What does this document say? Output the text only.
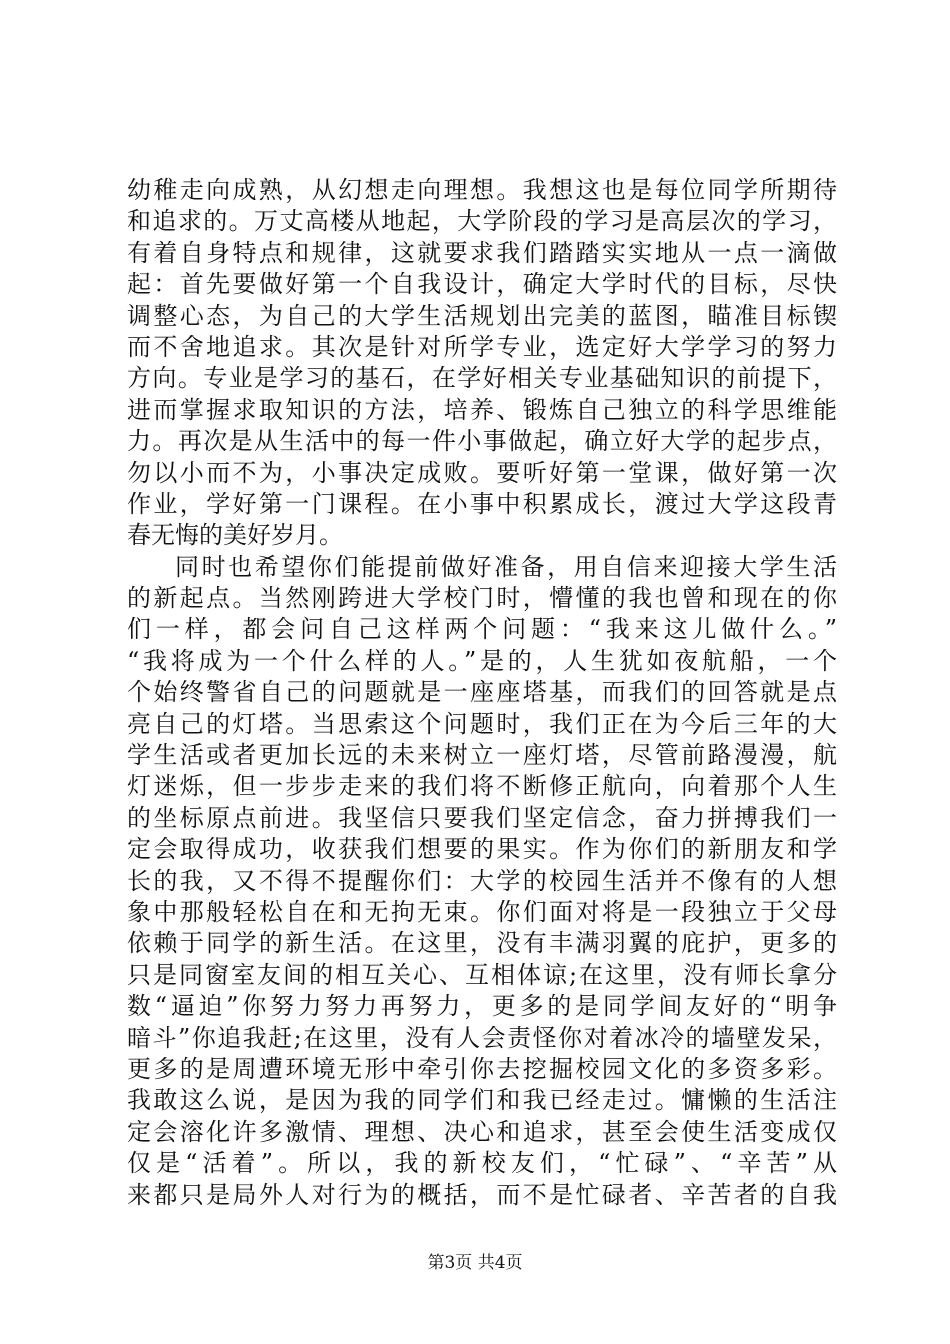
幼稚走向成熟，从幻想走向理想。我想这也是每位同学所期待
和追求的。万丈高楼从地起，大学阶段的学习是高层次的学习，
有着自身特点和规律，这就要求我们踏踏实实地从一点一滴做
起：首先要做好第一个自我设计，确定大学时代的目标，尽快
调整心态，为自己的大学生活规划出完美的蓝图，瞄准目标锲
而不舍地追求。其次是针对所学专业，选定好大学学习的努力
方向。专业是学习的基石，在学好相关专业基础知识的前提下，
进而掌握求取知识的方法，培养、锻炼自己独立的科学思维能
力。再次是从生活中的每一件小事做起，确立好大学的起步点，
勿以小而不为，小事决定成败。要听好第一堂课，做好第一次
作业，学好第一门课程。在小事中积累成长，渡过大学这段青
春无悔的美好岁月。
同时也希望你们能提前做好准备，用自信来迎接大学生活
的新起点。当然刚跨进大学校门时，懵懂的我也曾和现在的你
们一样，都会问自己这样两个问题：“我来这儿做什么。”
“我将成为一个什么样的人。”是的，人生犹如夜航船，一个
个始终警省自己的问题就是一座座塔基，而我们的回答就是点
亮自己的灯塔。当思索这个问题时，我们正在为今后三年的大
学生活或者更加长远的未来树立一座灯塔，尽管前路漫漫，航
灯迷烁，但一步步走来的我们将不断修正航向，向着那个人生
的坐标原点前进。我坚信只要我们坚定信念，奋力拼搏我们一
定会取得成功，收获我们想要的果实。作为你们的新朋友和学
长的我，又不得不提醒你们：大学的校园生活并不像有的人想
象中那般轻松自在和无拘无束。你们面对将是一段独立于父母
依赖于同学的新生活。在这里，没有丰满羽翼的庇护，更多的
只是同窗室友间的相互关心、互相体谅;在这里，没有师长拿分
数“逼迫”你努力努力再努力，更多的是同学间友好的“明争
暗斗”你追我赶;在这里，没有人会责怪你对着冰冷的墙壁发呆，
更多的是周遭环境无形中牵引你去挖掘校园文化的多资多彩。
我敢这么说，是因为我的同学们和我已经走过。慵懒的生活注
定会溶化许多激情、理想、决心和追求，甚至会使生活变成仅
仅是“活着”。所以，我的新校友们，“忙碌”、“辛苦”从
来都只是局外人对行为的概括，而不是忙碌者、辛苦者的自我
第3页 共4页
